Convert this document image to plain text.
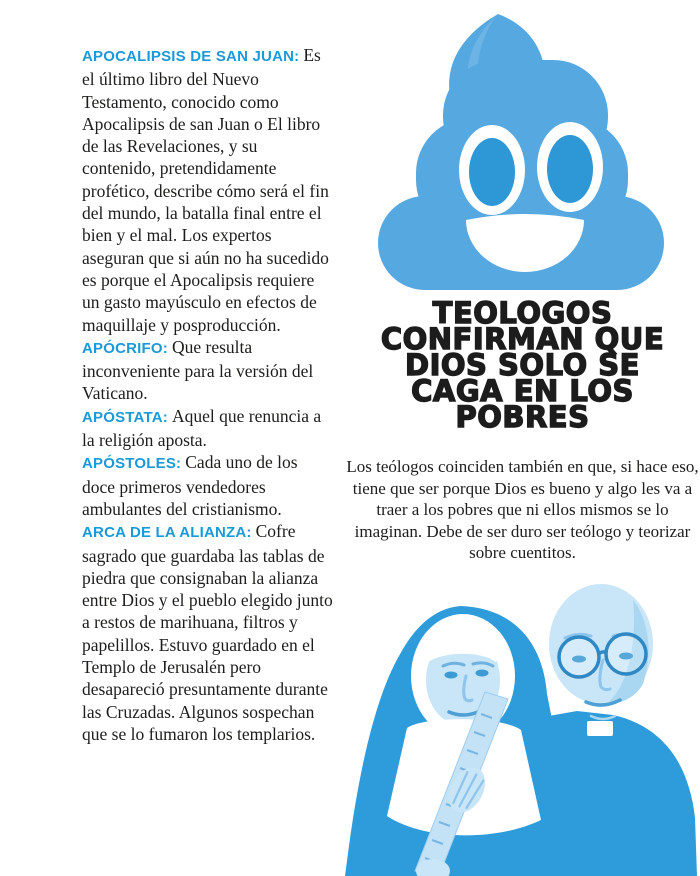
APOCALIPSIS DE SAN JUAN: Es el último libro del Nuevo Testamento, conocido como Apocalipsis de san Juan o El libro de las Revelaciones, y su contenido, pretendidamente profético, describe cómo será el fin del mundo, la batalla final entre el bien y el mal. Los expertos aseguran que si aún no ha sucedido es porque el Apocalipsis requiere un gasto mayúsculo en efectos de maquillaje y posproducción.

APÓCRIFO: Que resulta inconveniente para la versión del Vaticano.

APÓSTATA: Aquel que renuncia a la religión aposta.

APÓSTOLES: Cada uno de los doce primeros vendedores ambulantes del cristianismo.

ARCA DE LA ALIANZA: Cofre sagrado que guardaba las tablas de piedra que consignaban la alianza entre Dios y el pueblo elegido junto a restos de marihuana, filtros y papelillos. Estuvo guardado en el Templo de Jerusalén pero desapareció presuntamente durante las Cruzadas. Algunos sospechan que se lo fumaron los templarios.

TEOLOGOS
CONFIRMAN QUE
DIOS SOLO SE
CAGA EN LOS
POBRES

Los teólogos coinciden también en que, si hace eso, tiene que ser porque Dios es bueno y algo les va a traer a los pobres que ni ellos mismos se lo imaginan. Debe de ser duro ser teólogo y teorizar sobre cuentitos.
